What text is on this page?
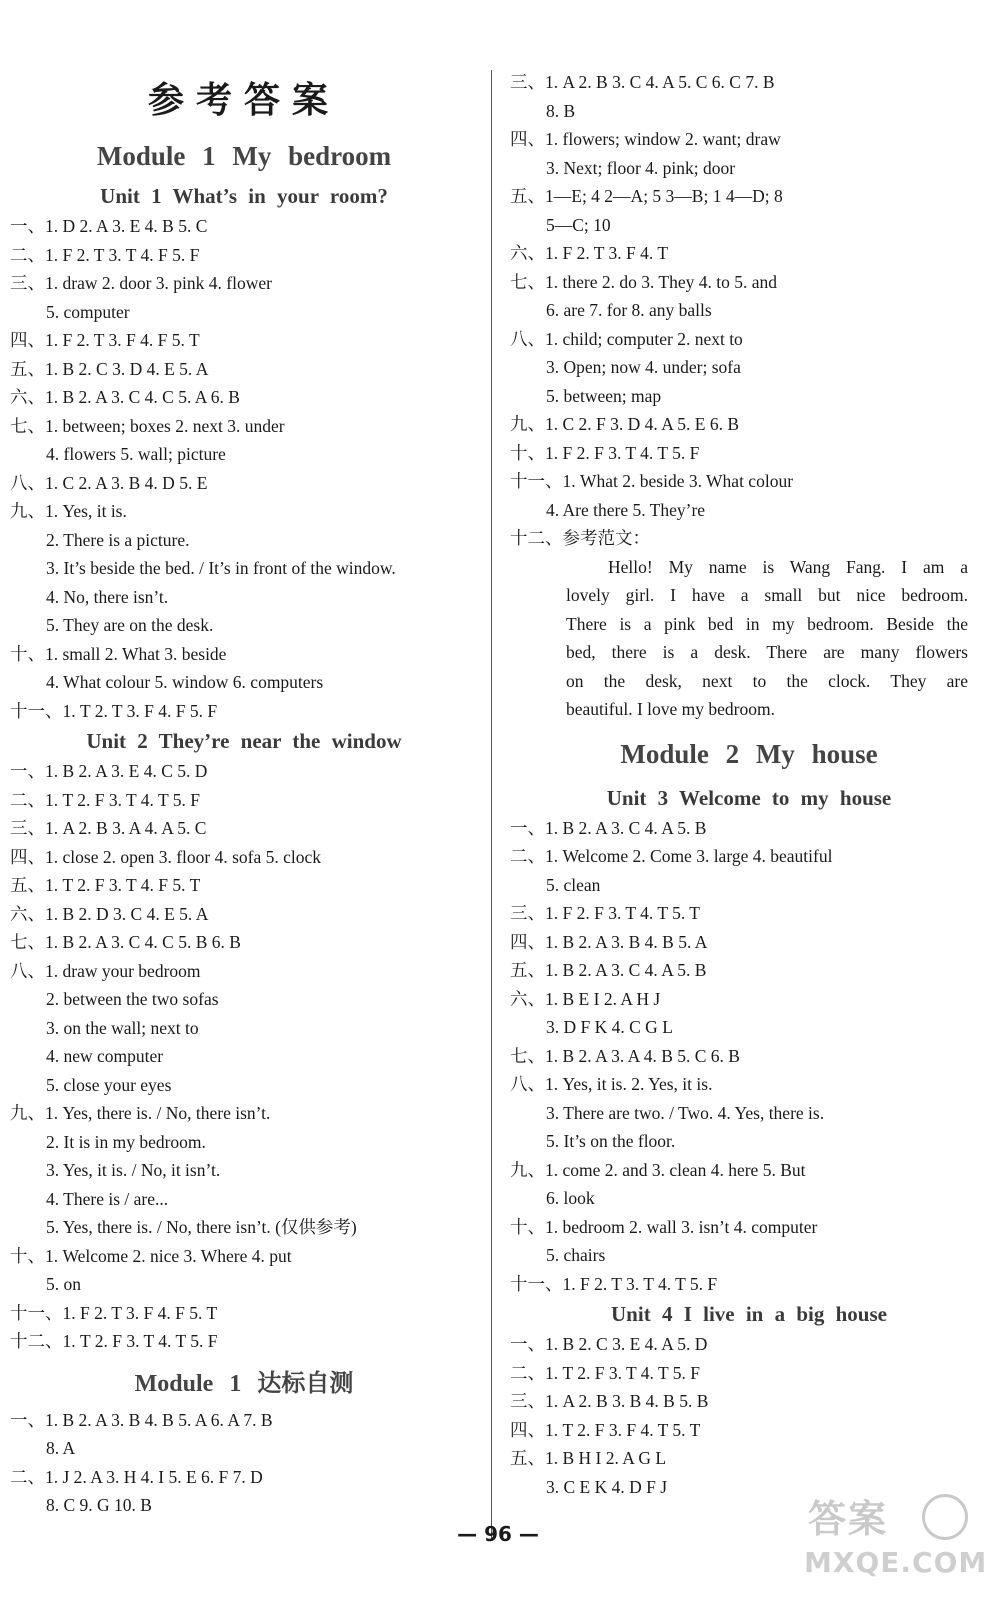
参考答案
Module 1 My bedroom
Unit 1 What’s in your room?
一、1. D 2. A 3. E 4. B 5. C
二、1. F 2. T 3. T 4. F 5. F
三、1. draw 2. door 3. pink 4. flower
5. computer
四、1. F 2. T 3. F 4. F 5. T
五、1. B 2. C 3. D 4. E 5. A
六、1. B 2. A 3. C 4. C 5. A 6. B
七、1. between; boxes 2. next 3. under
4. flowers 5. wall; picture
八、1. C 2. A 3. B 4. D 5. E
九、1. Yes, it is.
2. There is a picture.
3. It’s beside the bed. / It’s in front of the window.
4. No, there isn’t.
5. They are on the desk.
十、1. small 2. What 3. beside
4. What colour 5. window 6. computers
十一、1. T 2. T 3. F 4. F 5. F
Unit 2 They’re near the window
一、1. B 2. A 3. E 4. C 5. D
二、1. T 2. F 3. T 4. T 5. F
三、1. A 2. B 3. A 4. A 5. C
四、1. close 2. open 3. floor 4. sofa 5. clock
五、1. T 2. F 3. T 4. F 5. T
六、1. B 2. D 3. C 4. E 5. A
七、1. B 2. A 3. C 4. C 5. B 6. B
八、1. draw your bedroom
2. between the two sofas
3. on the wall; next to
4. new computer
5. close your eyes
九、1. Yes, there is. / No, there isn’t.
2. It is in my bedroom.
3. Yes, it is. / No, it isn’t.
4. There is / are...
5. Yes, there is. / No, there isn’t. (仅供参考)
十、1. Welcome 2. nice 3. Where 4. put
5. on
十一、1. F 2. T 3. F 4. F 5. T
十二、1. T 2. F 3. T 4. T 5. F
Module 1 达标自测
一、1. B 2. A 3. B 4. B 5. A 6. A 7. B
8. A
二、1. J 2. A 3. H 4. I 5. E 6. F 7. D
8. C 9. G 10. B
三、1. A 2. B 3. C 4. A 5. C 6. C 7. B
8. B
四、1. flowers; window 2. want; draw
3. Next; floor 4. pink; door
五、1—E; 4 2—A; 5 3—B; 1 4—D; 8
5—C; 10
六、1. F 2. T 3. F 4. T
七、1. there 2. do 3. They 4. to 5. and
6. are 7. for 8. any balls
八、1. child; computer 2. next to
3. Open; now 4. under; sofa
5. between; map
九、1. C 2. F 3. D 4. A 5. E 6. B
十、1. F 2. F 3. T 4. T 5. F
十一、1. What 2. beside 3. What colour
4. Are there 5. They’re
十二、参考范文：
Hello! My name is Wang Fang. I am a
lovely girl. I have a small but nice bedroom.
There is a pink bed in my bedroom. Beside the
bed, there is a desk. There are many flowers
on the desk, next to the clock. They are
beautiful. I love my bedroom.
Module 2 My house
Unit 3 Welcome to my house
一、1. B 2. A 3. C 4. A 5. B
二、1. Welcome 2. Come 3. large 4. beautiful
5. clean
三、1. F 2. F 3. T 4. T 5. T
四、1. B 2. A 3. B 4. B 5. A
五、1. B 2. A 3. C 4. A 5. B
六、1. B E I 2. A H J
3. D F K 4. C G L
七、1. B 2. A 3. A 4. B 5. C 6. B
八、1. Yes, it is. 2. Yes, it is.
3. There are two. / Two. 4. Yes, there is.
5. It’s on the floor.
九、1. come 2. and 3. clean 4. here 5. But
6. look
十、1. bedroom 2. wall 3. isn’t 4. computer
5. chairs
十一、1. F 2. T 3. T 4. T 5. F
Unit 4 I live in a big house
一、1. B 2. C 3. E 4. A 5. D
二、1. T 2. F 3. T 4. T 5. F
三、1. A 2. B 3. B 4. B 5. B
四、1. T 2. F 3. F 4. T 5. T
五、1. B H I 2. A G L
3. C E K 4. D F J
— 96 —	答案
MXQE.COM
